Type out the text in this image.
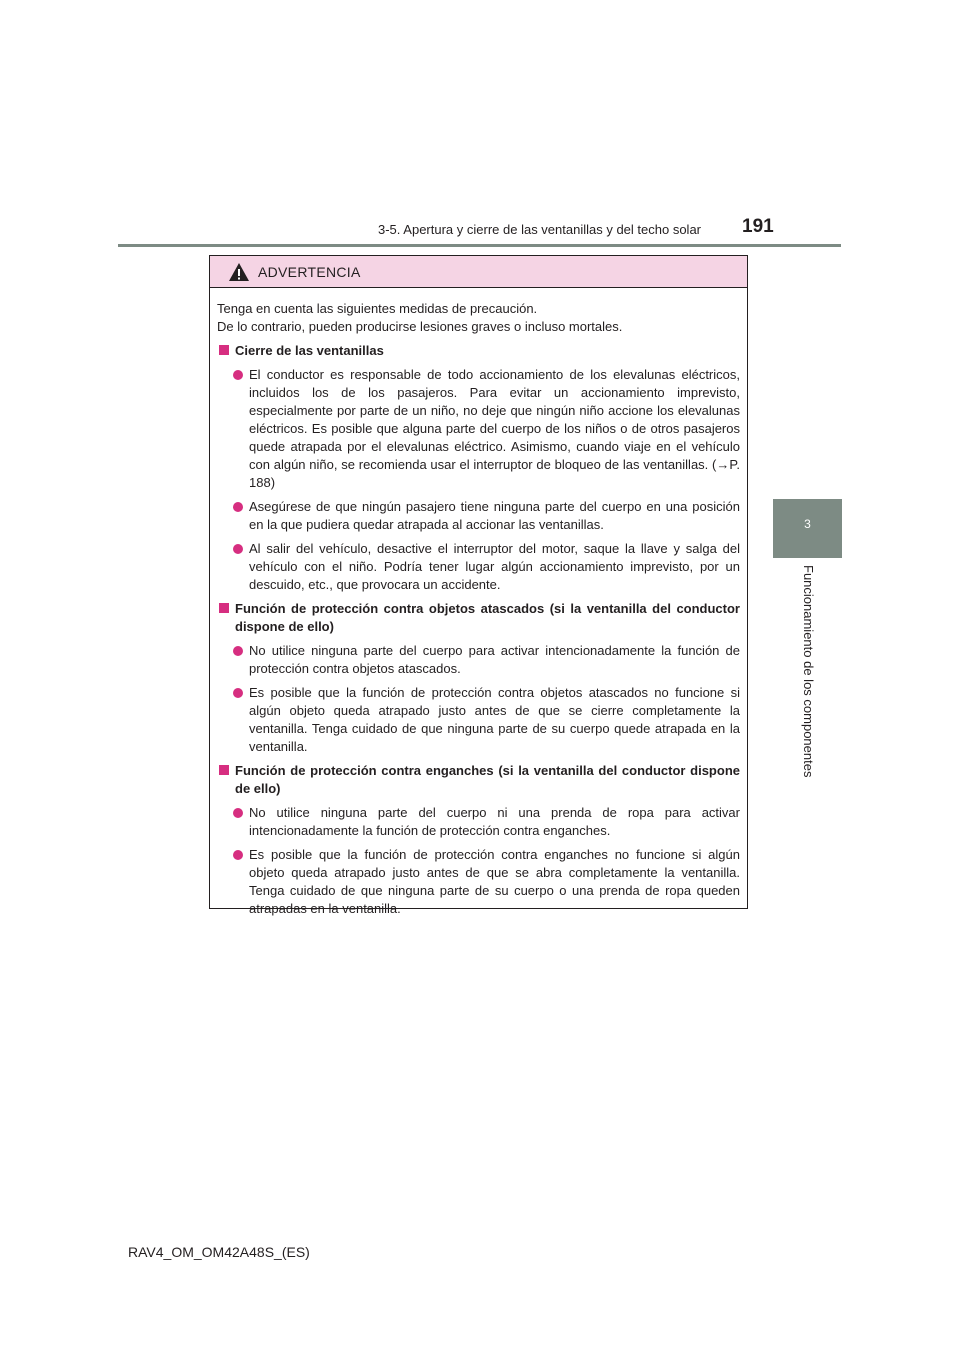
3-5. Apertura y cierre de las ventanillas y del techo solar 191
3
Funcionamiento de los componentes
ADVERTENCIA

Tenga en cuenta las siguientes medidas de precaución.

De lo contrario, pueden producirse lesiones graves o incluso mortales.

Cierre de las ventanillas
El conductor es responsable de todo accionamiento de los elevalunas eléctricos, incluidos los de los pasajeros. Para evitar un accionamiento imprevisto, especialmente por parte de un niño, no deje que ningún niño accione los elevalunas eléctricos. Es posible que alguna parte del cuerpo de los niños o de otros pasajeros quede atrapada por el elevalunas eléctrico. Asimismo, cuando viaje en el vehículo con algún niño, se recomienda usar el interruptor de bloqueo de las ventanillas. (→P. 188)
Asegúrese de que ningún pasajero tiene ninguna parte del cuerpo en una posición en la que pudiera quedar atrapada al accionar las ventanillas.
Al salir del vehículo, desactive el interruptor del motor, saque la llave y salga del vehículo con el niño. Podría tener lugar algún accionamiento imprevisto, por un descuido, etc., que provocara un accidente.
Función de protección contra objetos atascados (si la ventanilla del conductor dispone de ello)
No utilice ninguna parte del cuerpo para activar intencionadamente la función de protección contra objetos atascados.
Es posible que la función de protección contra objetos atascados no funcione si algún objeto queda atrapado justo antes de que se cierre completamente la ventanilla. Tenga cuidado de que ninguna parte de su cuerpo quede atrapada en la ventanilla.
Función de protección contra enganches (si la ventanilla del conductor dispone de ello)
No utilice ninguna parte del cuerpo ni una prenda de ropa para activar intencionadamente la función de protección contra enganches.
Es posible que la función de protección contra enganches no funcione si algún objeto queda atrapado justo antes de que se abra completamente la ventanilla. Tenga cuidado de que ninguna parte de su cuerpo o una prenda de ropa queden atrapadas en la ventanilla.
RAV4_OM_OM42A48S_(ES)
